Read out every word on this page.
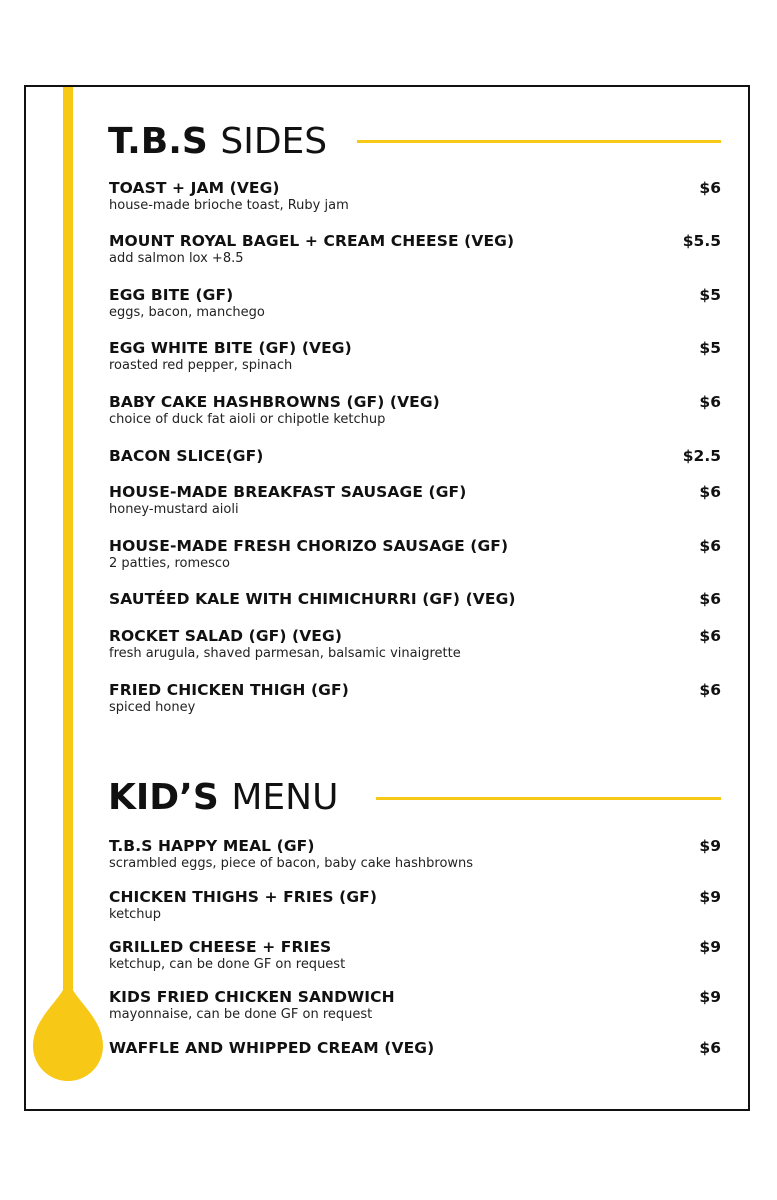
T.B.S SIDES
TOAST + JAM (VEG)
house-made brioche toast, Ruby jam
$6
MOUNT ROYAL BAGEL + CREAM CHEESE (VEG)
add salmon lox +8.5
$5.5
EGG BITE (GF)
eggs, bacon, manchego
$5
EGG WHITE BITE (GF) (VEG)
roasted red pepper, spinach
$5
BABY CAKE HASHBROWNS (GF) (VEG)
choice of duck fat aioli or chipotle ketchup
$6
BACON SLICE(GF)	$2.5
HOUSE-MADE BREAKFAST SAUSAGE (GF)
honey-mustard aioli
$6
HOUSE-MADE FRESH CHORIZO SAUSAGE (GF)
2 patties, romesco
$6
SAUTÉED KALE WITH CHIMICHURRI (GF) (VEG)	$6
ROCKET SALAD (GF) (VEG)
fresh arugula, shaved parmesan, balsamic vinaigrette
$6
FRIED CHICKEN THIGH (GF)
spiced honey
$6
KID’S MENU
T.B.S HAPPY MEAL (GF)
scrambled eggs, piece of bacon, baby cake hashbrowns
$9
CHICKEN THIGHS + FRIES (GF)
ketchup
$9
GRILLED CHEESE + FRIES
ketchup, can be done GF on request
$9
KIDS FRIED CHICKEN SANDWICH
mayonnaise, can be done GF on request
$9
WAFFLE AND WHIPPED CREAM (VEG)	$6
